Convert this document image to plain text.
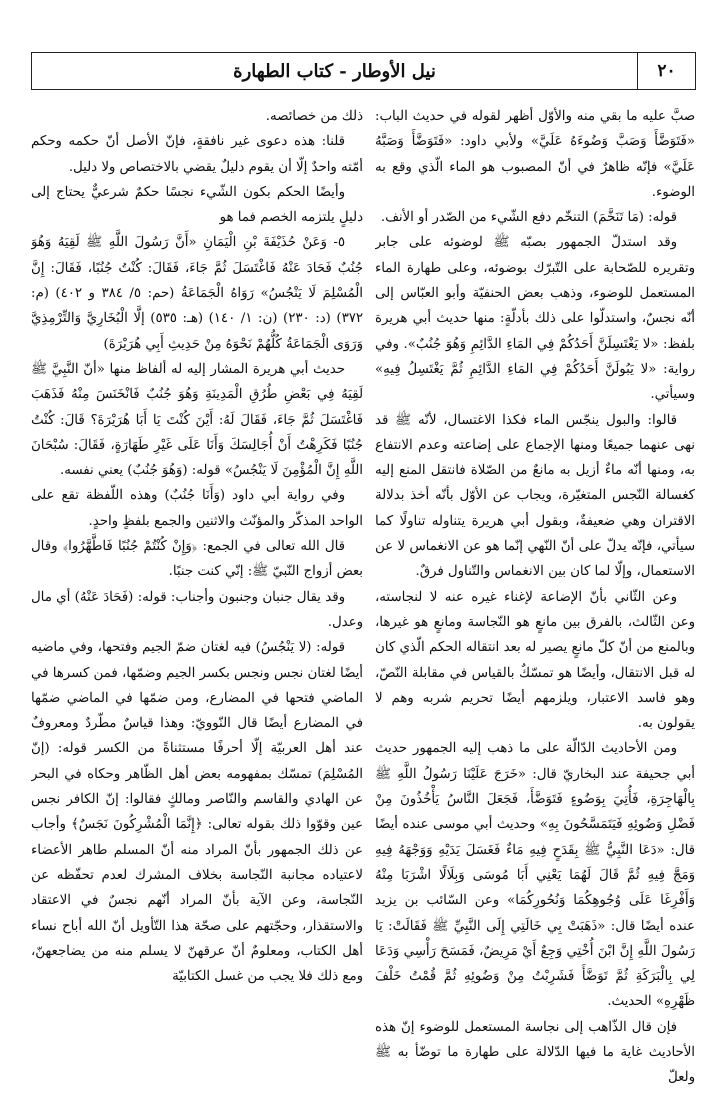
٢٠
نيل الأوطار - كتاب الطهارة

صبَّ عليه ما بقي منه والأوّل أظهر لقوله في حديث الباب: «فَتَوَضَّأَ وَصَبَّ وَضُوءَهُ عَلَيَّ» ولأبي داود: «فَتَوَضَّأَ وَصَبَّهُ عَلَيَّ» فإنّه ظاهرٌ في أنّ المصبوب هو الماء الّذي وقع به الوضوء.

قوله: (مَا تَنَخَّمَ) التنخّم دفع الشّيء من الصّدر أو الأنف.

وقد استدلّ الجمهور بصبّه ﷺ لوضوئه على جابر وتقريره للصّحابة على التّبرّك بوضوئه، وعلى طهارة الماء المستعمل للوضوء، وذهب بعض الحنفيّة وأبو العبّاس إلى أنّه نجسٌ، واستدلّوا على ذلك بأدلّةٍ: منها حديث أبي هريرة بلفظ: «لا يَغْتَسِلَنَّ أَحَدُكُمْ فِي المَاءِ الدَّائِمِ وَهُوَ جُنُبٌ». وفي رواية: «لا يَبُولَنَّ أَحَدُكُمْ فِي المَاءِ الدَّائِمِ ثُمَّ يَغْتَسِلُ فِيهِ» وسيأتي.

قالوا: والبول ينجّس الماء فكذا الاغتسال، لأنّه ﷺ قد نهى عنهما جميعًا ومنها الإجماع على إضاعته وعدم الانتفاع به، ومنها أنّه ماءٌ أزيل به مانعٌ من الصّلاة فانتقل المنع إليه كغسالة النّجس المتغيّرة، ويجاب عن الأوّل بأنّه أخذ بدلالة الاقتران وهي ضعيفةٌ، وبقول أبي هريرة يتناوله تناولًا كما سيأتي، فإنّه يدلّ على أنّ النّهي إنّما هو عن الانغماس لا عن الاستعمال، وإلّا لما كان بين الانغماس والتّناول فرقٌ.

وعن الثّاني بأنّ الإضاعة لإغناء غيره عنه لا لنجاسته، وعن الثّالث، بالفرق بين مانعٍ هو النّجاسة ومانعٍ هو غيرها، وبالمنع من أنّ كلّ مانعٍ يصير له بعد انتقاله الحكم الّذي كان له قبل الانتقال، وأيضًا هو تمسّكٌ بالقياس في مقابلة النّصّ، وهو فاسد الاعتبار، ويلزمهم أيضًا تحريم شربه وهم لا يقولون به.

ومن الأحاديث الدّالّة على ما ذهب إليه الجمهور حديث أبي جحيفة عند البخاريّ قال: «خَرَجَ عَلَيْنَا رَسُولُ اللَّهِ ﷺ بِالْهَاجِرَةِ، فَأُتِيَ بِوَضُوءٍ فَتَوَضَّأَ، فَجَعَلَ النَّاسُ يَأْخُذُونَ مِنْ فَضْلِ وَضُوئِهِ فَيَتَمَسَّحُونَ بِهِ» وحديث أبي موسى عنده أيضًا قال: «دَعَا النَّبِيُّ ﷺ بِقَدَحٍ فِيهِ مَاءٌ فَغَسَلَ يَدَيْهِ وَوَجْهَهُ فِيهِ وَمَجَّ فِيهِ ثُمَّ قَالَ لَهُمَا يَعْنِي أَبَا مُوسَى وَبِلَالًا اشْرَبَا مِنْهُ وَأَفْرِغَا عَلَى وُجُوهِكُمَا وَنُحُورِكُمَا» وعن السّائب بن يزيد عنده أيضًا قال: «ذَهَبَتْ بِي خَالَتِي إِلَى النَّبِيِّ ﷺ فَقَالَتْ: يَا رَسُولَ اللَّهِ إِنَّ ابْنَ أُخْتِي وَجِعٌ أَيْ مَرِيضٌ، فَمَسَحَ رَأْسِي وَدَعَا لِي بِالْبَرَكَةِ ثُمَّ تَوَضَّأَ فَشَرِبْتُ مِنْ وَضُوئِهِ ثُمَّ قُمْتُ خَلْفَ ظَهْرِهِ» الحديث.

فإن قال الذّاهب إلى نجاسة المستعمل للوضوء إنّ هذه الأحاديث غاية ما فيها الدّلالة على طهارة ما توضّأ به ﷺ ولعلّ

ذلك من خصائصه.

قلنا: هذه دعوى غير نافقةٍ، فإنّ الأصل أنّ حكمه وحكم أمّته واحدٌ إلّا أن يقوم دليلٌ يقضي بالاختصاص ولا دليل.

وأيضًا الحكم بكون الشّيء نجسًا حكمٌ شرعيٌّ يحتاج إلى دليلٍ يلتزمه الخصم فما هو

٥- وَعَنْ حُذَيْفَةَ بْنِ الْيَمَانِ «أَنَّ رَسُولَ اللَّهِ ﷺ لَقِيَهُ وَهُوَ جُنُبٌ فَحَادَ عَنْهُ فَاغْتَسَلَ ثُمَّ جَاءَ، فَقَالَ: كُنْتُ جُنُبًا، فَقَالَ: إِنَّ الْمُسْلِمَ لَا يَنْجُسُ» رَوَاهُ الْجَمَاعَةُ (حم: ٥/ ٣٨٤ و ٤٠٢) (م: ٣٧٢) (د: ٢٣٠) (ن: ١/ ١٤٠) (هـ: ٥٣٥) إلَّا الْبُخَارِيَّ وَالتِّرْمِذِيَّ وَرَوَى الْجَمَاعَةُ كُلُّهُمْ نَحْوَهُ مِنْ حَدِيثِ أَبِي هُرَيْرَةَ)

حديث أبي هريرة المشار إليه له ألفاظ منها «أنّ النَّبِيَّ ﷺ لَقِيَهُ فِي بَعْضِ طُرُقِ الْمَدِينَةِ وَهُوَ جُنُبٌ فَانْخَنَسَ مِنْهُ فَذَهَبَ فَاغْتَسَلَ ثُمَّ جَاءَ، فَقَالَ لَهُ: أَيْنَ كُنْتَ يَا أَبَا هُرَيْرَةَ؟ قَالَ: كُنْتُ جُنُبًا فَكَرِهْتُ أَنْ أُجَالِسَكَ وَأَنَا عَلَى غَيْرِ طَهَارَةٍ، فَقَالَ: سُبْحَانَ اللَّهِ إِنَّ الْمُؤْمِنَ لَا يَنْجُسُ» قوله: (وَهُوَ جُنُبٌ) يعني نفسه.

وفي رواية أبي داود (وَأَنَا جُنُبٌ) وهذه اللّفظة تقع على الواحد المذكّر والمؤنّث والاثنين والجمع بلفظٍ واحدٍ.

قال الله تعالى في الجمع: ﴿وَإِنْ كُنْتُمْ جُنُبًا فَاطَّهَّرُوا﴾ وقال بعض أزواج النّبيّ ﷺ: إنّي كنت جنبًا.

وقد يقال جنبان وجنبون وأجناب: قوله: (فَحَادَ عَنْهُ) أي مال وعدل.

قوله: (لا يَنْجُسُ) فيه لغتان ضمّ الجيم وفتحها، وفي ماضيه أيضًا لغتان نجس ونجس بكسر الجيم وضمّها، فمن كسرها في الماضي فتحها في المضارع، ومن ضمّها في الماضي ضمّها في المضارع أيضًا قال النّوويّ: وهذا قياسٌ مطّردٌ ومعروفٌ عند أهل العربيّة إلّا أحرفًا مستثناةً من الكسر قوله: (إنّ المُسْلِمَ) تمسّك بمفهومه بعض أهل الظّاهر وحكاه في البحر عن الهادي والقاسم والنّاصر ومالكٍ فقالوا: إنّ الكافر نجس عين وقوّوا ذلك بقوله تعالى: ﴿إِنَّمَا الْمُشْرِكُونَ نَجَسٌ﴾ وأجاب عن ذلك الجمهور بأنّ المراد منه أنّ المسلم طاهر الأعضاء لاعتياده مجانبة النّجاسة بخلاف المشرك لعدم تحفّظه عن النّجاسة، وعن الآية بأنّ المراد أنّهم نجسٌ في الاعتقاد والاستقذار، وحجّتهم على صحّة هذا التّأويل أنّ الله أباح نساء أهل الكتاب، ومعلومٌ أنّ عرقهنّ لا يسلم منه من يضاجعهنّ، ومع ذلك فلا يجب من غسل الكتابيّة
